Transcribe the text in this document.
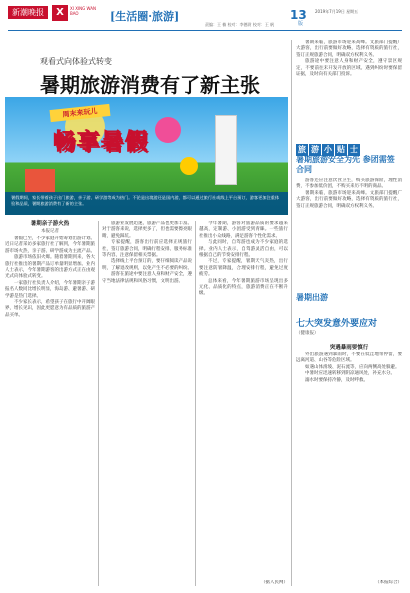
新潮晚报	X	XI XING WAN BAO	[生活圈·旅游]	13
版
2019年7月19日 星期五
责编：王 楠 校对：李德尉 校对：王 帆
观看式向体验式转变
暑期旅游消费有了新主张
周末来玩儿
畅享暑假
暑假期间，家长带着孩子出门旅游，亲子游、研学游等成为热门。不论是出境游还是国内游，都可以通过旅行社或线上平台预订，游客更加注重体验和品质，暑期旅游消费有了新的主张。
暑期亲子游火热
本报记者

暑假已至，不少家庭开始筹划出游计划。近日记者采访多家旅行社了解到，今年暑期旅游市场火热，亲子游、研学游成为主流产品。

旅游市场依旧火爆。随着暑期到来，各大旅行社推出的暑期产品订单量明显增加。业内人士表示，今年暑期游客的出游方式正在由观光式向体验式转变。

一家旅行社负责人介绍，今年暑期亲子游报名人数同比增长明显，海岛游、避暑游、研学游是热门选择。

不少家长表示，希望孩子在旅行中开阔眼界，增长见识，因此更愿意为有品质的旅游产品买单。

旅游业发展迅速，旅游产品也更加丰富。对于游客来说，选择更多了，但也需要擦亮眼睛，避免踩坑。

专家提醒，游客出行前应选择正规旅行社，签订旅游合同，明确行程安排、服务标准等内容，注意保留相关票据。

选择线上平台预订的，要仔细阅读产品说明，了解退改规则，以免产生不必要的纠纷。

游客在旅途中要注意人身和财产安全，遵守当地法律法规和风俗习惯，文明出游。

今年暑期，游客对旅游品质的要求越来越高，定制游、小团游受到青睐。一些旅行社推出小众线路，满足游客个性化需求。

与此同时，自驾游也成为不少家庭的选择。业内人士表示，自驾游灵活自由，可以根据自己的节奏安排行程。

不过，专家提醒，暑期天气炎热，出行要注意防暑降温，合理安排行程，避免过度疲劳。

总体来看，今年暑期旅游市场呈现出多元化、品质化的特点，旅游消费正在不断升级。

（据人民网）

暑期来临，旅游市场迎来高峰。文旅部门提醒广大游客，出行前要做好攻略，选择有资质的旅行社，签订正规旅游合同，明确双方权利义务。

旅游途中要注意人身和财产安全，遵守景区规定，不要前往未开发开放的区域。遇到纠纷时要保留证据，及时向有关部门投诉。

旅 游 小 贴 士
暑期旅游安全为先 参团需签合同

游客还应注意饮食卫生，购买旅游保险，理性消费，不参加低价团，不购买来历不明的商品。

暑期来临，旅游市场迎来高峰。文旅部门提醒广大游客，出行前要做好攻略，选择有资质的旅行社，签订正规旅游合同，明确双方权利义务。

暑期出游
七大突发意外要应对
（健康报）
突遇暴雨要慎行

外出旅游遇到暴雨时，不要在低洼地带停留，要远离河道、山谷等危险区域。

如遇山体滑坡、泥石流等，应向两侧高处躲避。

中暑时应迅速转移到阴凉通风处，补充水分。

溺水时要保持冷静，及时呼救。

（本报综合）
